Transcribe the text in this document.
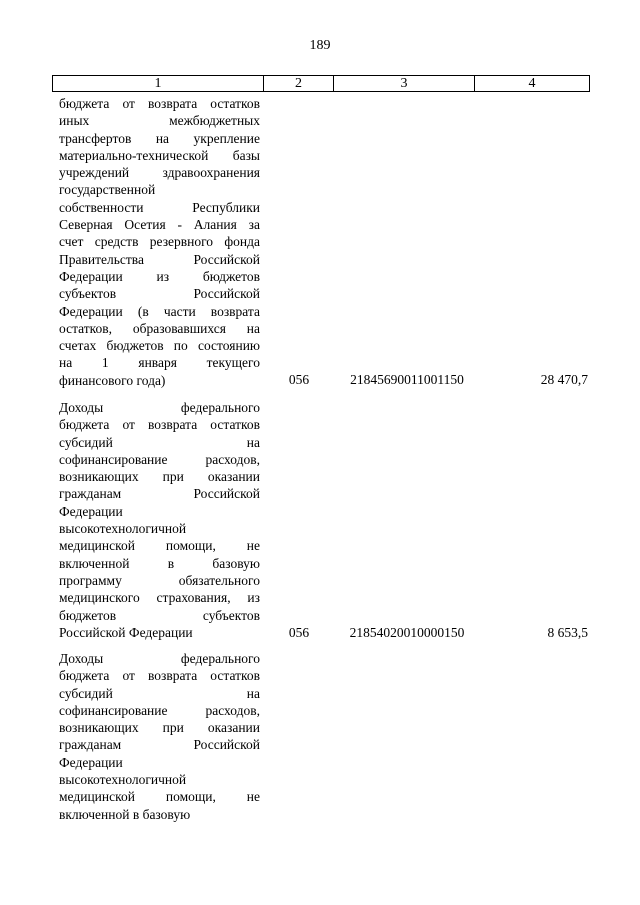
189
1	2	3	4
бюджета от возврата остатков
иных межбюджетных
трансфертов на укрепление
материально-технической базы
учреждений здравоохранения
государственной
собственности Республики
Северная Осетия - Алания за
счет средств резервного фонда
Правительства Российской
Федерации из бюджетов
субъектов Российской
Федерации (в части возврата
остатков, образовавшихся на
счетах бюджетов по состоянию
на 1 января текущего
финансового года)	056	21845690011001150	28 470,7
Доходы федерального
бюджета от возврата остатков
субсидий на
софинансирование расходов,
возникающих при оказании
гражданам Российской
Федерации
высокотехнологичной
медицинской помощи, не
включенной в базовую
программу обязательного
медицинского страхования, из
бюджетов субъектов
Российской Федерации	056	21854020010000150	8 653,5
Доходы федерального
бюджета от возврата остатков
субсидий на
софинансирование расходов,
возникающих при оказании
гражданам Российской
Федерации
высокотехнологичной
медицинской помощи, не
включенной в базовую
